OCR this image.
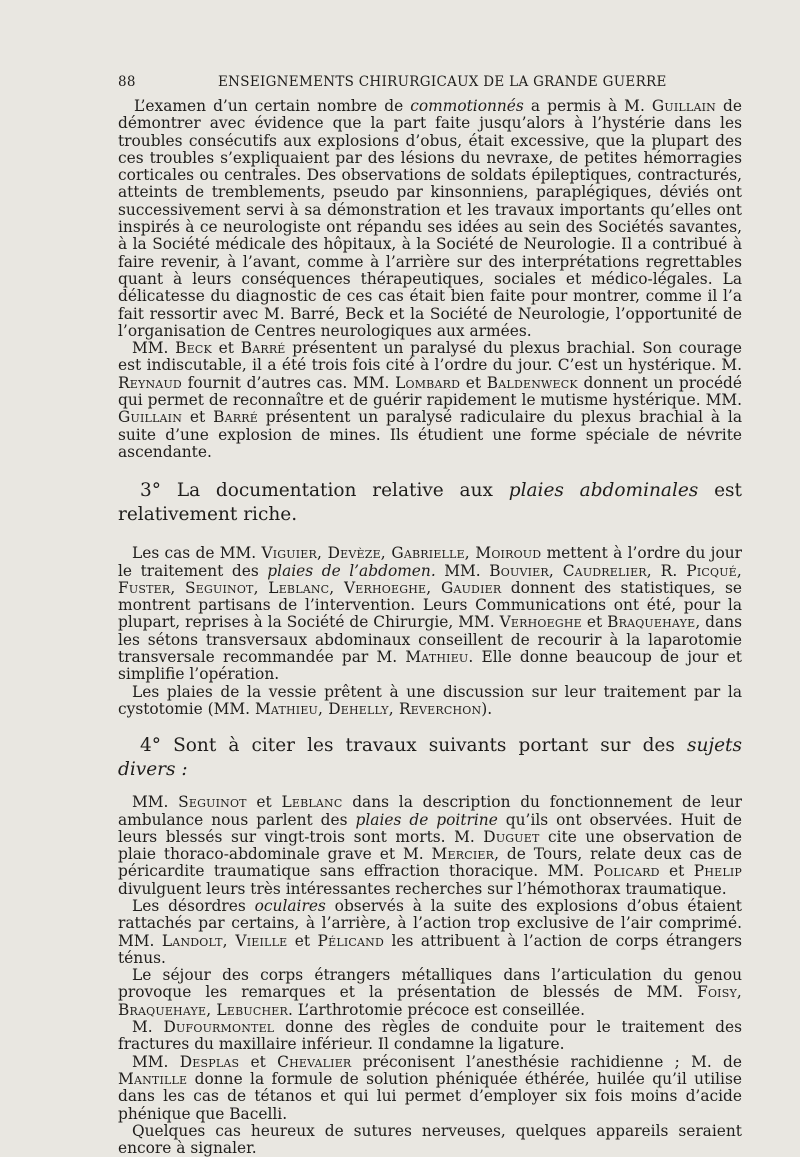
88	ENSEIGNEMENTS CHIRURGICAUX DE LA GRANDE GUERRE

L’examen d’un certain nombre de commotionnés a permis à M. Guillain de démontrer avec évidence que la part faite jusqu’alors à l’hystérie dans les troubles consécutifs aux explosions d’obus, était excessive, que la plupart des ces troubles s’expliquaient par des lésions du nevraxe, de petites hémorragies corticales ou centrales. Des observations de soldats épileptiques, contracturés, atteints de tremblements, pseudo par kinsonniens, paraplégiques, déviés ont successivement servi à sa démonstration et les travaux importants qu’elles ont inspirés à ce neurologiste ont répandu ses idées au sein des Sociétés savantes, à la Société médicale des hôpitaux, à la Société de Neurologie. Il a contribué à faire revenir, à l’avant, comme à l’arrière sur des interprétations regrettables quant à leurs conséquences thérapeutiques, sociales et médico-légales. La délicatesse du diagnostic de ces cas était bien faite pour montrer, comme il l’a fait ressortir avec M. Barré, Beck et la Société de Neurologie, l’opportunité de l’organisation de Centres neurologiques aux armées.

MM. Beck et Barré présentent un paralysé du plexus brachial. Son courage est indiscutable, il a été trois fois cité à l’ordre du jour. C’est un hystérique. M. Reynaud fournit d’autres cas. MM. Lombard et Baldenweck donnent un procédé qui permet de reconnaître et de guérir rapidement le mutisme hystérique. MM. Guillain et Barré présentent un paralysé radiculaire du plexus brachial à la suite d’une explosion de mines. Ils étudient une forme spéciale de névrite ascendante.

3° La documentation relative aux plaies abdominales est relativement riche.

Les cas de MM. Viguier, Devèze, Gabrielle, Moiroud mettent à l’ordre du jour le traitement des plaies de l’abdomen. MM. Bouvier, Caudrelier, R. Picqué, Fuster, Seguinot, Leblanc, Verhoeghe, Gaudier donnent des statistiques, se montrent partisans de l’intervention. Leurs Communications ont été, pour la plupart, reprises à la Société de Chirurgie, MM. Verhoeghe et Braquehaye, dans les sétons transversaux abdominaux conseillent de recourir à la laparotomie transversale recommandée par M. Mathieu. Elle donne beaucoup de jour et simplifie l’opération.

Les plaies de la vessie prêtent à une discussion sur leur traitement par la cystotomie (MM. Mathieu, Dehelly, Reverchon).

4° Sont à citer les travaux suivants portant sur des sujets divers :

MM. Seguinot et Leblanc dans la description du fonctionnement de leur ambulance nous parlent des plaies de poitrine qu’ils ont observées. Huit de leurs blessés sur vingt-trois sont morts. M. Duguet cite une observation de plaie thoraco-abdominale grave et M. Mercier, de Tours, relate deux cas de péricardite traumatique sans effraction thoracique. MM. Policard et Phelip divulguent leurs très intéressantes recherches sur l’hémothorax traumatique.

Les désordres oculaires observés à la suite des explosions d’obus étaient rattachés par certains, à l’arrière, à l’action trop exclusive de l’air comprimé. MM. Landolt, Vieille et Pélicand les attribuent à l’action de corps étrangers ténus.

Le séjour des corps étrangers métalliques dans l’articulation du genou provoque les remarques et la présentation de blessés de MM. Foisy, Braquehaye, Lebucher. L’arthrotomie précoce est conseillée.

M. Dufourmontel donne des règles de conduite pour le traitement des fractures du maxillaire inférieur. Il condamne la ligature.

MM. Desplas et Chevalier préconisent l’anesthésie rachidienne ; M. de Mantille donne la formule de solution phéniquée éthérée, huilée qu’il utilise dans les cas de tétanos et qui lui permet d’employer six fois moins d’acide phénique que Bacelli.

Quelques cas heureux de sutures nerveuses, quelques appareils seraient encore à signaler.
